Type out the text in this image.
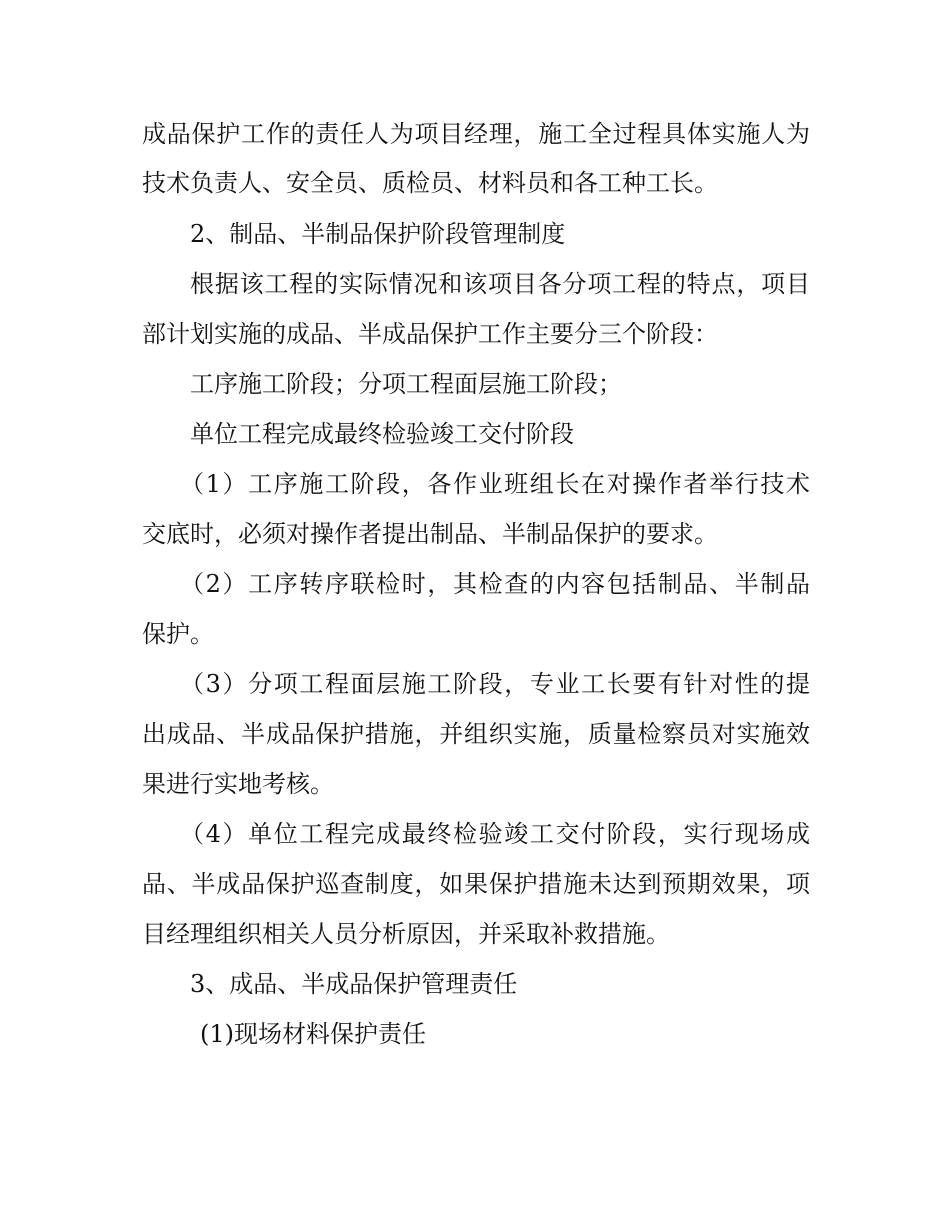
成品保护工作的责任人为项目经理，施工全过程具体实施人为
技术负责人、安全员、质检员、材料员和各工种工长。
2、制品、半制品保护阶段管理制度
根据该工程的实际情况和该项目各分项工程的特点，项目
部计划实施的成品、半成品保护工作主要分三个阶段：
工序施工阶段；分项工程面层施工阶段；
单位工程完成最终检验竣工交付阶段
（1）工序施工阶段，各作业班组长在对操作者举行技术
交底时，必须对操作者提出制品、半制品保护的要求。
（2）工序转序联检时，其检查的内容包括制品、半制品
保护。
（3）分项工程面层施工阶段，专业工长要有针对性的提
出成品、半成品保护措施，并组织实施，质量检察员对实施效
果进行实地考核。
（4）单位工程完成最终检验竣工交付阶段，实行现场成
品、半成品保护巡查制度，如果保护措施未达到预期效果，项
目经理组织相关人员分析原因，并采取补救措施。
3、成品、半成品保护管理责任
(1)现场材料保护责任
